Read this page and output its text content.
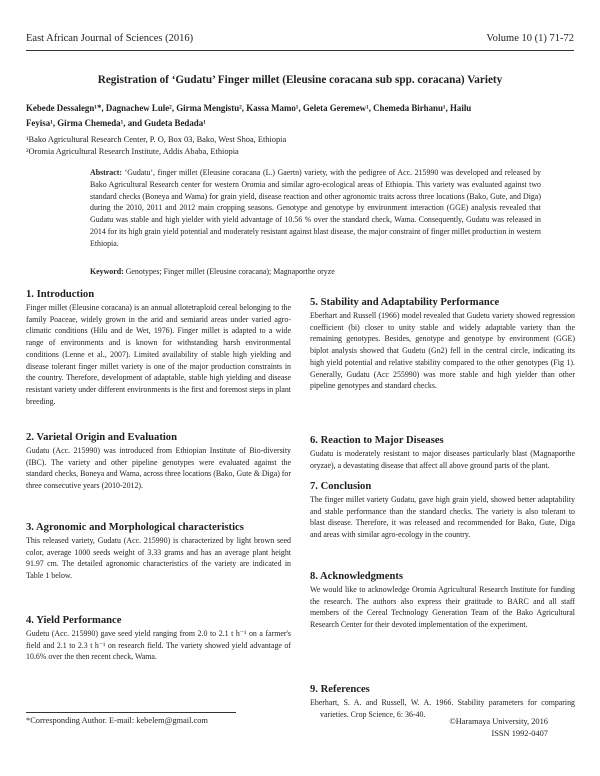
East African Journal of Sciences (2016)	Volume 10 (1) 71-72
Registration of ‘Gudatu’ Finger millet (Eleusine coracana sub spp. coracana) Variety
Kebede Dessalegn¹*, Dagnachew Lule², Girma Mengistu², Kassa Mamo¹, Geleta Geremew¹, Chemeda Birhanu¹, Hailu
Feyisa¹, Girma Chemeda¹, and Gudeta Bedada¹
¹Bako Agricultural Research Center, P. O, Box 03, Bako, West Shoa, Ethiopia
²Oromia Agricultural Research Institute, Addis Ababa, Ethiopia
Abstract: ‘Gudatu’, finger millet (Eleusine coracana (L.) Gaertn) variety, with the pedigree of Acc. 215990 was developed and released by Bako Agricultural Research center for western Oromia and similar agro-ecological areas of Ethiopia. This variety was evaluated against two standard checks (Boneya and Wama) for grain yield, disease reaction and other agronomic traits across three locations (Bako, Gute, and Diga) during the 2010, 2011 and 2012 main cropping seasons. Genotype and genotype by environment interaction (GGE) analysis revealed that Gudatu was stable and high yielder with yield advantage of 10.56 % over the standard check, Wama. Consequently, Gudatu was released in 2014 for its high grain yield potential and moderately resistant against blast disease, the major constraint of finger millet production in western Ethiopia.
Keyword: Genotypes; Finger millet (Eleusine coracana); Magnaporthe oryze
1. Introduction

Finger millet (Eleusine coracana) is an annual allotetraploid cereal belonging to the family Poaceae, widely grown in the arid and semiarid areas under varied agro-climatic conditions (Hilu and de Wet, 1976). Finger millet is adapted to a wide range of environments and is known for withstanding harsh environmental conditions (Lenne et al., 2007). Limited availability of stable high yielding and disease tolerant finger millet variety is one of the major production constraints in the country. Therefore, development of adaptable, stable high yielding and disease resistant variety under different environments is the first and foremost steps in plant breeding.

2. Varietal Origin and Evaluation

Gudatu (Acc. 215990) was introduced from Ethiopian Institute of Bio-diversity (IBC). The variety and other pipeline genotypes were evaluated against the standard checks, Boneya and Wama, across three locations (Bako, Gute & Diga) for three consecutive years (2010-2012).

3. Agronomic and Morphological characteristics

This released variety, Gudatu (Acc. 215990) is characterized by light brown seed color, average 1000 seeds weight of 3.33 grams and has an average plant height 91.97 cm. The detailed agronomic characteristics of the variety are indicated in Table 1 below.

4. Yield Performance

Gudetu (Acc. 215990) gave seed yield ranging from 2.0 to 2.1 t h⁻¹ on a farmer's field and 2.1 to 2.3 t h⁻¹ on research field. The variety showed yield advantage of 10.6% over the then recent check, Wama.

5. Stability and Adaptability Performance

Eberhart and Russell (1966) model revealed that Gudetu variety showed regression coefficient (bi) closer to unity stable and widely adaptable variety than the remaining genotypes. Besides, genotype and genotype by environment (GGE) biplot analysis showed that Gudetu (Gn2) fell in the central circle, indicating its high yield potential and relative stability compared to the other genotypes (Fig 1). Generally, Gudatu (Acc 255990) was more stable and high yielder than other pipeline genotypes and standard checks.

6. Reaction to Major Diseases

Gudatu is moderately resistant to major diseases particularly blast (Magnaporthe oryzae), a devastating disease that affect all above ground parts of the plant.

7. Conclusion

The finger millet variety Gudatu, gave high grain yield, showed better adaptability and stable performance than the standard checks. The variety is also tolerant to blast disease. Therefore, it was released and recommended for Bako, Gute, Diga and areas with similar agro-ecology in the country.

8. Acknowledgments

We would like to acknowledge Oromia Agricultural Research Institute for funding the research. The authors also express their gratitude to BARC and all staff members of the Cereal Technology Generation Team of the Bako Agricultural Research Center for their devoted implementation of the experiment.

9. References

Eberhart, S. A. and Russell, W. A. 1966. Stability parameters for comparing varieties. Crop Science, 6: 36-40.

*Corresponding Author. E-mail: kebelem@gmail.com	©Haramaya University, 2016
ISSN 1992-0407
